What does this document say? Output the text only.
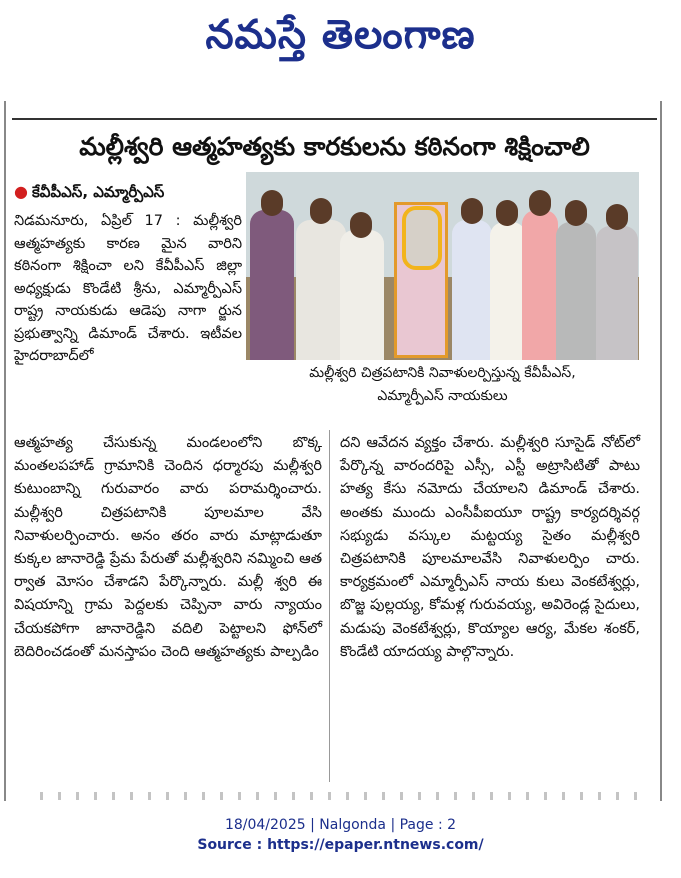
నమస్తే తెలంగాణ
మల్లీశ్వరి ఆత్మహత్యకు కారకులను కఠినంగా శిక్షించాలి
● కేవీపీఎస్, ఎమ్మార్పీఎస్

నిడమనూరు, ఏప్రిల్ 17 : మల్లీశ్వరి ఆత్మహత్యకు కారణ మైన వారిని కఠినంగా శిక్షించా లని కేవీపీఎస్ జిల్లా అధ్యక్షుడు కొండేటి శ్రీను, ఎమ్మార్పీఎస్ రాష్ట్ర నాయకుడు ఆడెపు నాగా ర్జున ప్రభుత్వాన్ని డిమాండ్ చేశారు. ఇటీవల హైదరాబాద్‌లో

మల్లీశ్వరి చిత్రపటానికి నివాళులర్పిస్తున్న కేవీపీఎస్,
ఎమ్మార్పీఎస్ నాయకులు

ఆత్మహత్య చేసుకున్న మండలంలోని బొక్క మంతలపహాడ్ గ్రామానికి చెందిన ధర్మారపు మల్లీశ్వరి కుటుంబాన్ని గురువారం వారు పరామర్శించారు. మల్లీశ్వరి చిత్రపటానికి పూలమాల వేసి నివాళులర్పించారు. అనం తరం వారు మాట్లాడుతూ కుక్కల జానారెడ్డి ప్రేమ పేరుతో మల్లీశ్వరిని నమ్మించి ఆత ర్వాత మోసం చేశాడని పేర్కొన్నారు. మల్లీ శ్వరి ఈ విషయాన్ని గ్రామ పెద్దలకు చెప్పినా వారు న్యాయం చేయకపోగా జానారెడ్డిని వదిలి పెట్టాలని ఫోన్‌లో బెదిరించడంతో మనస్తాపం చెంది ఆత్మహత్యకు పాల్పడిం

దని ఆవేదన వ్యక్తం చేశారు. మల్లీశ్వరి సూసైడ్ నోట్‌లో పేర్కొన్న వారందరిపై ఎస్సీ, ఎస్టీ అట్రాసిటితో పాటు హత్య కేసు నమోదు చేయాలని డిమాండ్ చేశారు. అంతకు ముందు ఎంసీపీఐయూ రాష్ట్ర కార్యదర్శివర్గ సభ్యుడు వస్కుల మట్టయ్య సైతం మల్లీశ్వరి చిత్రపటానికి పూలమాలవేసి నివాళులర్పిం చారు. కార్యక్రమంలో ఎమ్మార్పీఎస్ నాయ కులు వెంకటేశ్వర్లు, బొజ్జ పుల్లయ్య, కోమళ్ల గురువయ్య, అవిరెండ్ల సైదులు, మడుపు వెంకటేశ్వర్లు, కొయ్యాల ఆర్య, మేకల శంకర్, కొండేటి యాదయ్య పాల్గొన్నారు.

18/04/2025 | Nalgonda | Page : 2
Source : https://epaper.ntnews.com/
